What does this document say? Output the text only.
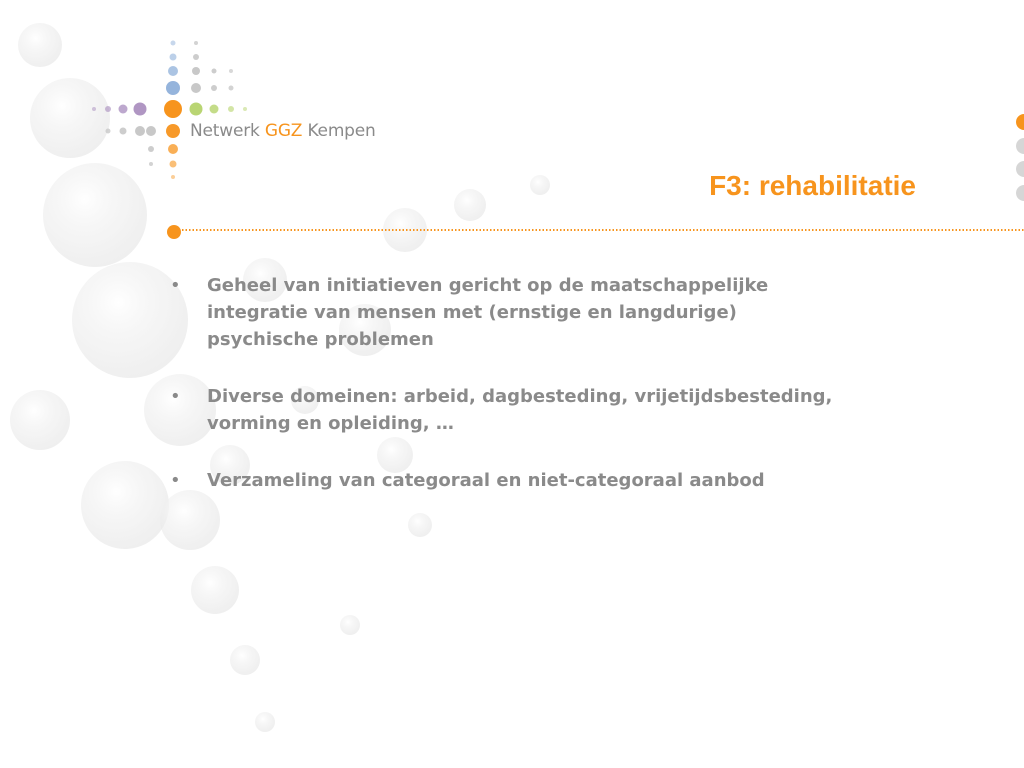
Netwerk GGZ Kempen
F3: rehabilitatie
•	Geheel van initiatieven gericht op de maatschappelijke integratie van mensen met (ernstige en langdurige) psychische problemen
•	Diverse domeinen: arbeid, dagbesteding, vrijetijdsbesteding, vorming en opleiding, …
•	Verzameling van categoraal en niet-categoraal aanbod
